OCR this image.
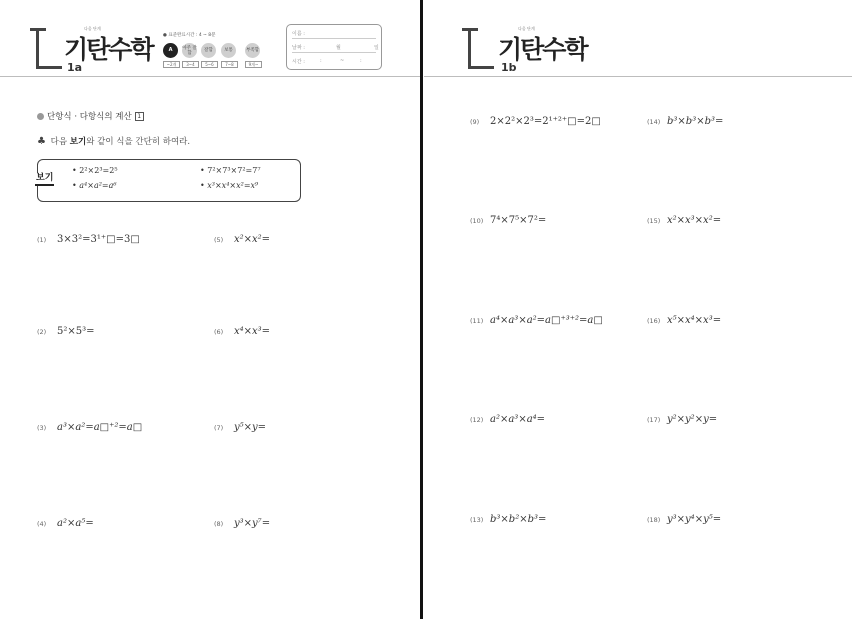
다음 단계
기탄수학
1a
● 표준완료시간 : 4 ~ 8분
A	아주 잘함	잘함	보통	부족함
~2개	3~4	5~6	7~8	9개~
이름 :
날짜 :	월	일
시간 :	:	~	:
단항식 · 다항식의 계산 1
♣ 다음 보기와 같이 식을 간단히 하여라.
보기
• 2²×2³=2⁵	• 7²×7³×7²=7⁷
• a⁴×a²=a⁶	• x³×x⁴×x²=x⁹
(1) 3×3²=3¹⁺□=3□
(2) 5²×5³=
(3) a³×a²=a□⁺²=a□
(4) a²×a⁵=
(5) x²×x²=
(6) x⁴×x³=
(7) y⁵×y=
(8) y³×y⁷=
다음 단계
기탄수학
1b
(9) 2×2²×2³=2¹⁺²⁺□=2□
(10) 7⁴×7⁵×7²=
(11) a⁴×a³×a²=a□⁺³⁺²=a□
(12) a²×a³×a⁴=
(13) b³×b²×b³=
(14) b³×b³×b³=
(15) x²×x³×x²=
(16) x⁵×x⁴×x³=
(17) y²×y²×y=
(18) y³×y⁴×y⁵=
